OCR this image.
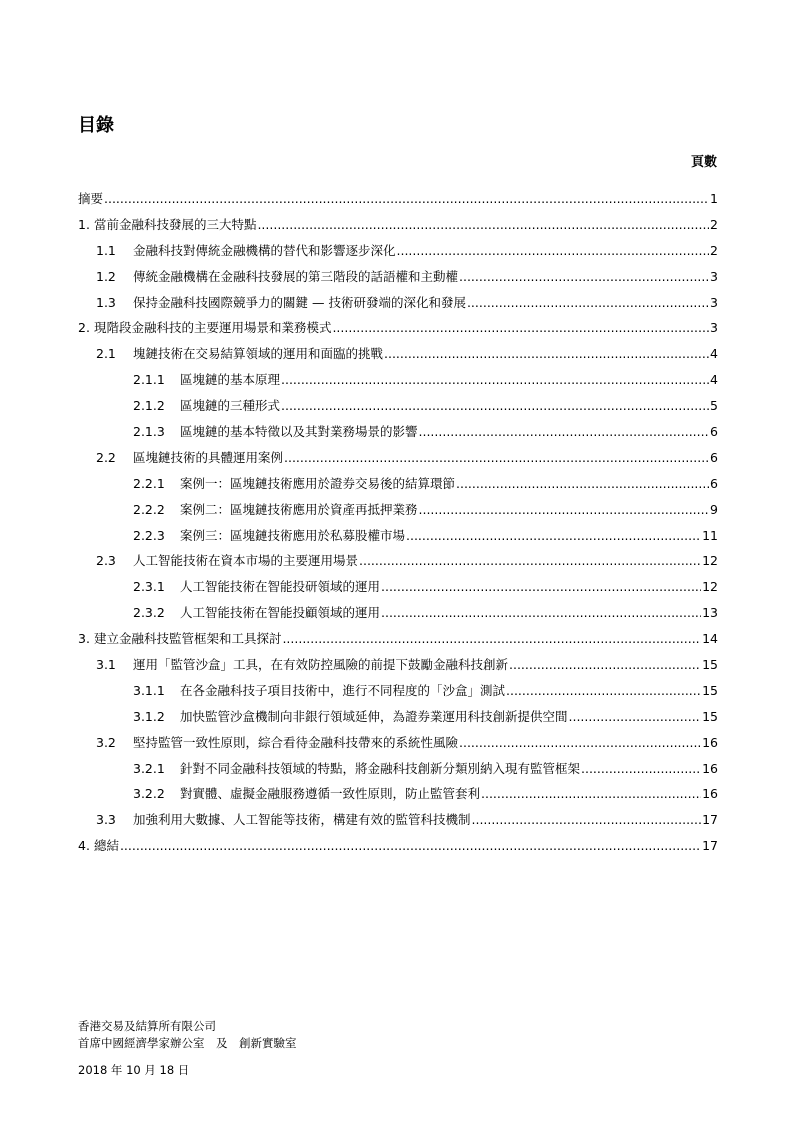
目錄
頁數
摘要 .....	1
1. 當前金融科技發展的三大特點 .....	2
1.1	金融科技對傳統金融機構的替代和影響逐步深化 .....	2
1.2	傳統金融機構在金融科技發展的第三階段的話語權和主動權 .....	3
1.3	保持金融科技國際競爭力的關鍵 — 技術研發端的深化和發展 .....	3
2. 現階段金融科技的主要運用場景和業務模式 .....	3
2.1	塊鏈技術在交易結算領域的運用和面臨的挑戰 .....	4
2.1.1	區塊鏈的基本原理 .....	4
2.1.2	區塊鏈的三種形式 .....	5
2.1.3	區塊鏈的基本特徵以及其對業務場景的影響 .....	6
2.2	區塊鏈技術的具體運用案例 .....	6
2.2.1	案例一：區塊鏈技術應用於證券交易後的結算環節 .....	6
2.2.2	案例二：區塊鏈技術應用於資產再抵押業務 .....	9
2.2.3	案例三：區塊鏈技術應用於私募股權市場 .....	11
2.3	人工智能技術在資本市場的主要運用場景 .....	12
2.3.1	人工智能技術在智能投研領域的運用 .....	12
2.3.2	人工智能技術在智能投顧領域的運用 .....	13
3. 建立金融科技監管框架和工具探討 .....	14
3.1	運用「監管沙盒」工具，在有效防控風險的前提下鼓勵金融科技創新 .....	15
3.1.1	在各金融科技子項目技術中，進行不同程度的「沙盒」測試 .....	15
3.1.2	加快監管沙盒機制向非銀行領域延伸，為證券業運用科技創新提供空間 .....	15
3.2	堅持監管一致性原則，綜合看待金融科技帶來的系統性風險 .....	16
3.2.1	針對不同金融科技領域的特點，將金融科技創新分類別納入現有監管框架 .....	16
3.2.2	對實體、虛擬金融服務遵循一致性原則，防止監管套利 .....	16
3.3	加強利用大數據、人工智能等技術，構建有效的監管科技機制 .....	17
4. 總結 .....	17
香港交易及結算所有限公司
首席中國經濟學家辦公室　及　創新實驗室
2018 年 10 月 18 日
